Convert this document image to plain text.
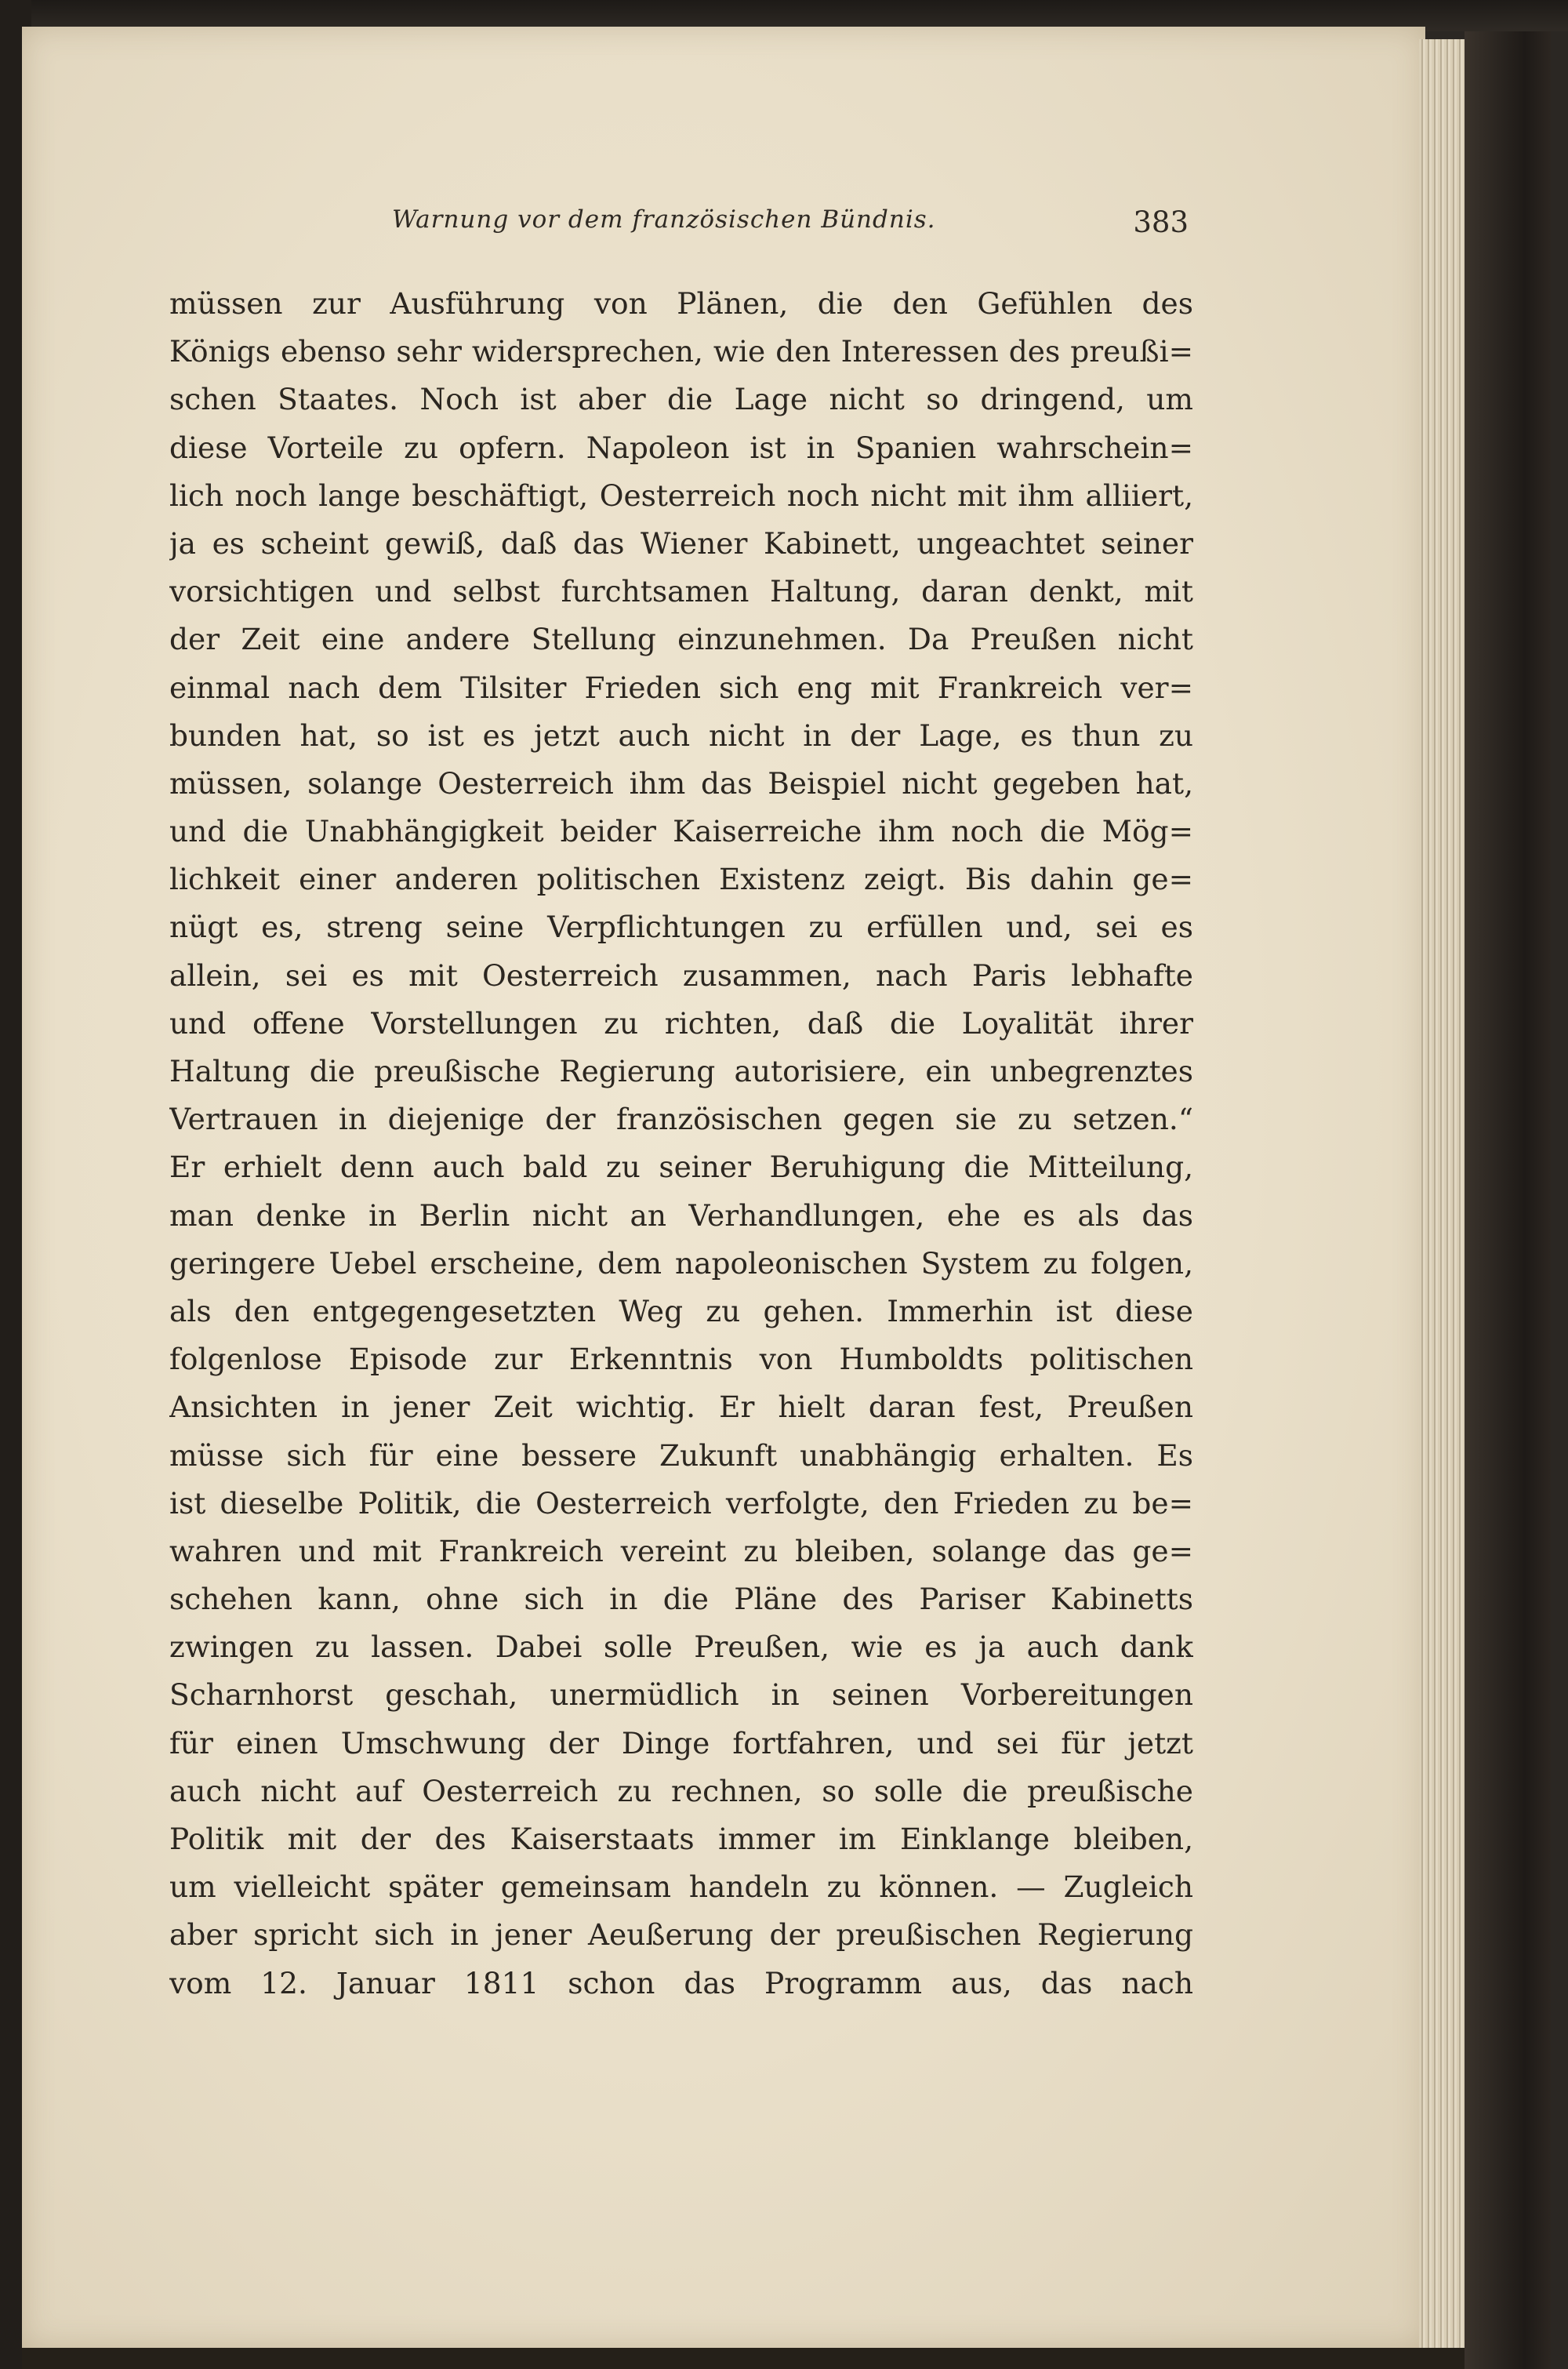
Warnung vor dem französischen Bündnis.	383
müssen zur Ausführung von Plänen, die den Gefühlen des
Königs ebenso sehr widersprechen, wie den Interessen des preußi=
schen Staates. Noch ist aber die Lage nicht so dringend, um
diese Vorteile zu opfern. Napoleon ist in Spanien wahrschein=
lich noch lange beschäftigt, Oesterreich noch nicht mit ihm alliiert,
ja es scheint gewiß, daß das Wiener Kabinett, ungeachtet seiner
vorsichtigen und selbst furchtsamen Haltung, daran denkt, mit
der Zeit eine andere Stellung einzunehmen. Da Preußen nicht
einmal nach dem Tilsiter Frieden sich eng mit Frankreich ver=
bunden hat, so ist es jetzt auch nicht in der Lage, es thun zu
müssen, solange Oesterreich ihm das Beispiel nicht gegeben hat,
und die Unabhängigkeit beider Kaiserreiche ihm noch die Mög=
lichkeit einer anderen politischen Existenz zeigt. Bis dahin ge=
nügt es, streng seine Verpflichtungen zu erfüllen und, sei es
allein, sei es mit Oesterreich zusammen, nach Paris lebhafte
und offene Vorstellungen zu richten, daß die Loyalität ihrer
Haltung die preußische Regierung autorisiere, ein unbegrenztes
Vertrauen in diejenige der französischen gegen sie zu setzen.“
Er erhielt denn auch bald zu seiner Beruhigung die Mitteilung,
man denke in Berlin nicht an Verhandlungen, ehe es als das
geringere Uebel erscheine, dem napoleonischen System zu folgen,
als den entgegengesetzten Weg zu gehen. Immerhin ist diese
folgenlose Episode zur Erkenntnis von Humboldts politischen
Ansichten in jener Zeit wichtig. Er hielt daran fest, Preußen
müsse sich für eine bessere Zukunft unabhängig erhalten. Es
ist dieselbe Politik, die Oesterreich verfolgte, den Frieden zu be=
wahren und mit Frankreich vereint zu bleiben, solange das ge=
schehen kann, ohne sich in die Pläne des Pariser Kabinetts
zwingen zu lassen. Dabei solle Preußen, wie es ja auch dank
Scharnhorst geschah, unermüdlich in seinen Vorbereitungen
für einen Umschwung der Dinge fortfahren, und sei für jetzt
auch nicht auf Oesterreich zu rechnen, so solle die preußische
Politik mit der des Kaiserstaats immer im Einklange bleiben,
um vielleicht später gemeinsam handeln zu können. — Zugleich
aber spricht sich in jener Aeußerung der preußischen Regierung
vom 12. Januar 1811 schon das Programm aus, das nach
